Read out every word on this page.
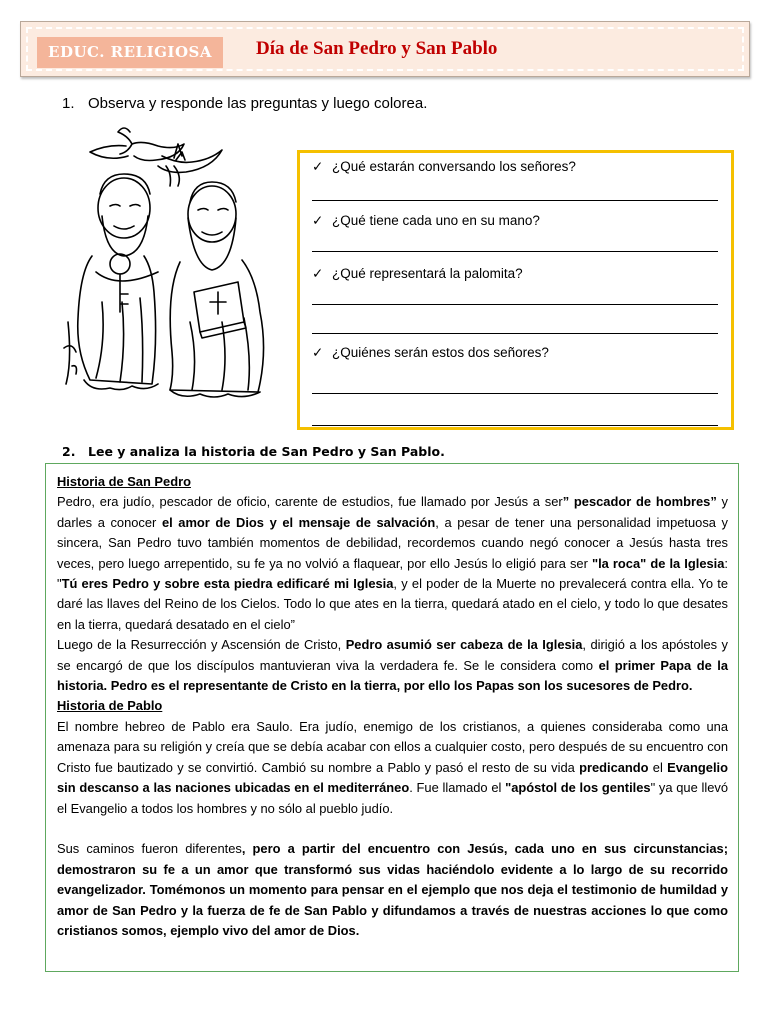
EDUC. RELIGIOSA	Día de San Pedro y San Pablo
1. Observa y responde las preguntas y luego colorea.
✓ ¿Qué estarán conversando los señores?
✓ ¿Qué tiene cada uno en su mano?
✓ ¿Qué representará la palomita?
✓ ¿Quiénes serán estos dos señores?
2. Lee y analiza la historia de San Pedro y San Pablo.

Historia de San Pedro

Pedro, era judío, pescador de oficio, carente de estudios, fue llamado por Jesús a ser” pescador de hombres” y darles a conocer el amor de Dios y el mensaje de salvación, a pesar de tener una personalidad impetuosa y sincera, San Pedro tuvo también momentos de debilidad, recordemos cuando negó conocer a Jesús hasta tres veces, pero luego arrepentido, su fe ya no volvió a flaquear, por ello Jesús lo eligió para ser "la roca" de la Iglesia: "Tú eres Pedro y sobre esta piedra edificaré mi Iglesia, y el poder de la Muerte no prevalecerá contra ella. Yo te daré las llaves del Reino de los Cielos. Todo lo que ates en la tierra, quedará atado en el cielo, y todo lo que desates en la tierra, quedará desatado en el cielo”

Luego de la Resurrección y Ascensión de Cristo, Pedro asumió ser cabeza de la Iglesia, dirigió a los apóstoles y se encargó de que los discípulos mantuvieran viva la verdadera fe. Se le considera como el primer Papa de la historia. Pedro es el representante de Cristo en la tierra, por ello los Papas son los sucesores de Pedro.

Historia de Pablo

El nombre hebreo de Pablo era Saulo. Era judío, enemigo de los cristianos, a quienes consideraba como una amenaza para su religión y creía que se debía acabar con ellos a cualquier costo, pero después de su encuentro con Cristo fue bautizado y se convirtió. Cambió su nombre a Pablo y pasó el resto de su vida predicando el Evangelio sin descanso a las naciones ubicadas en el mediterráneo. Fue llamado el "apóstol de los gentiles" ya que llevó el Evangelio a todos los hombres y no sólo al pueblo judío.

Sus caminos fueron diferentes, pero a partir del encuentro con Jesús, cada uno en sus circunstancias; demostraron su fe a un amor que transformó sus vidas haciéndolo evidente a lo largo de su recorrido evangelizador. Tomémonos un momento para pensar en el ejemplo que nos deja el testimonio de humildad y amor de San Pedro y la fuerza de fe de San Pablo y difundamos a través de nuestras acciones lo que como cristianos somos, ejemplo vivo del amor de Dios.
